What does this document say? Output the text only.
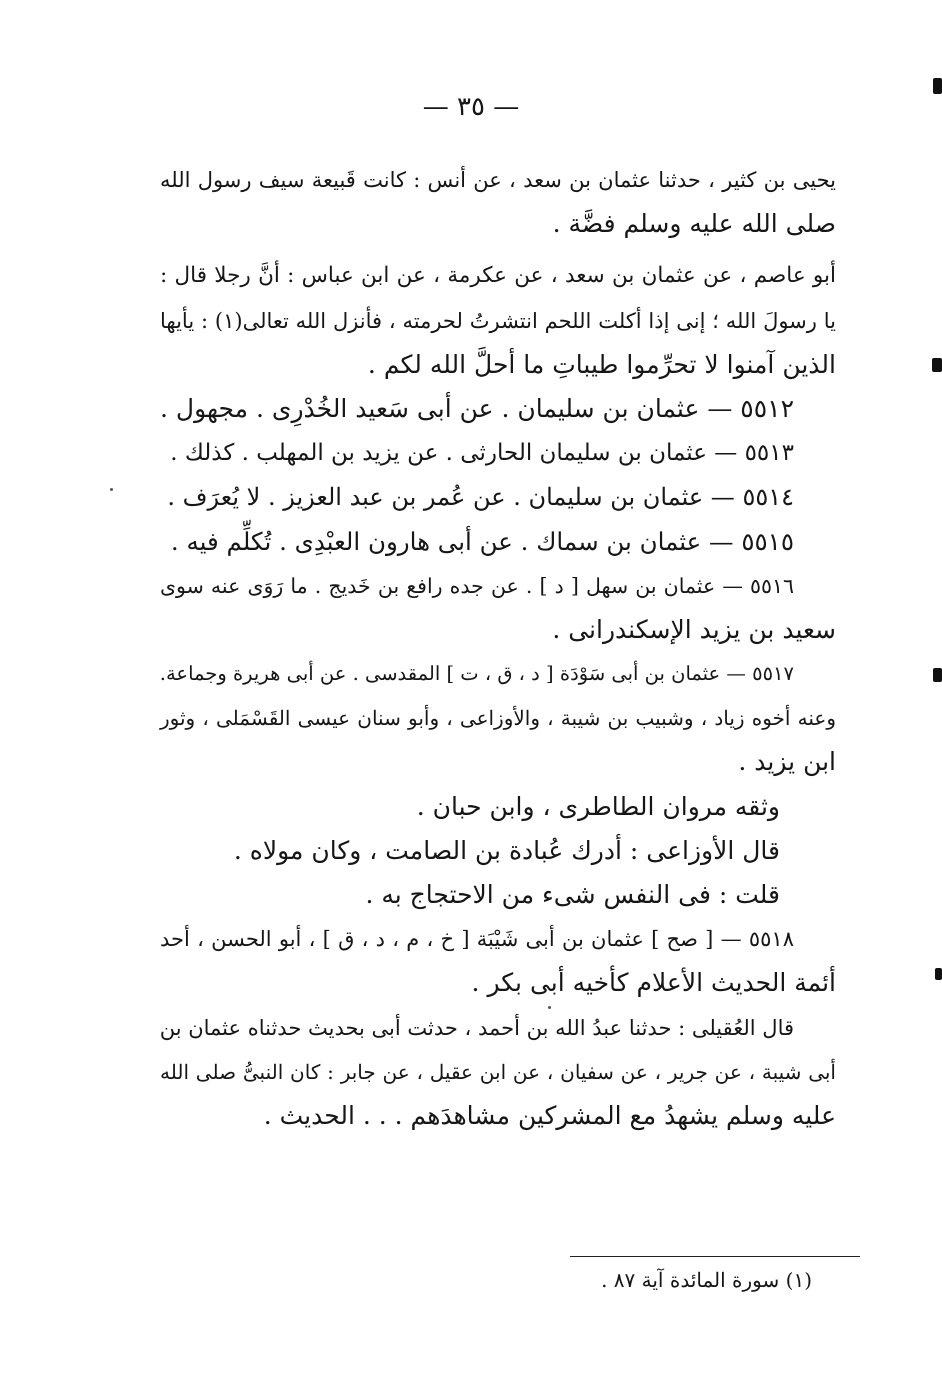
— ٣٥ —
يحيى بن كثير ، حدثنا عثمان بن سعد ، عن أنس : كانت قَبيعة سيف رسول الله
صلى الله عليه وسلم فضَّة .
أبو عاصم ، عن عثمان بن سعد ، عن عكرمة ، عن ابن عباس : أنَّ رجلا قال :
يا رسولَ الله ؛ إنى إذا أكلت اللحم انتشرتُ لحرمته ، فأنزل الله تعالى(١) : يأيها
الذين آمنوا لا تحرِّموا طيباتِ ما أحلَّ الله لكم .
٥٥١٢ — عثمان بن سليمان . عن أبى سَعيد الخُدْرِى . مجهول .
٥٥١٣ — عثمان بن سليمان الحارثى . عن يزيد بن المهلب . كذلك .
٥٥١٤ — عثمان بن سليمان . عن عُمر بن عبد العزيز . لا يُعرَف .
٥٥١٥ — عثمان بن سماك . عن أبى هارون العبْدِى . تُكلِّم فيه .
٥٥١٦ — عثمان بن سهل [ د ] . عن جده رافع بن خَديج . ما رَوَى عنه سوى
سعيد بن يزيد الإسكندرانى .
٥٥١٧ — عثمان بن أبى سَوْدَة [ د ، ق ، ت ] المقدسى . عن أبى هريرة وجماعة.
وعنه أخوه زياد ، وشبيب بن شيبة ، والأوزاعى ، وأبو سنان عيسى القَسْمَلى ، وثور
ابن يزيد .
وثقه مروان الطاطرى ، وابن حبان .
قال الأوزاعى : أدرك عُبادة بن الصامت ، وكان مولاه .
قلت : فى النفس شىء من الاحتجاج به .
٥٥١٨ — [ صح ] عثمان بن أبى شَيْبَة [ خ ، م ، د ، ق ] ، أبو الحسن ، أحد
أئمة الحديث الأعلام كأخيه أبى بكر .
قال العُقيلى : حدثنا عبدُ الله بن أحمد ، حدثت أبى بحديث حدثناه عثمان بن
أبى شيبة ، عن جرير ، عن سفيان ، عن ابن عقيل ، عن جابر : كان النبىُّ صلى الله
عليه وسلم يشهدُ مع المشركين مشاهدَهم . . . الحديث .
(١) سورة المائدة آية ٨٧ .
